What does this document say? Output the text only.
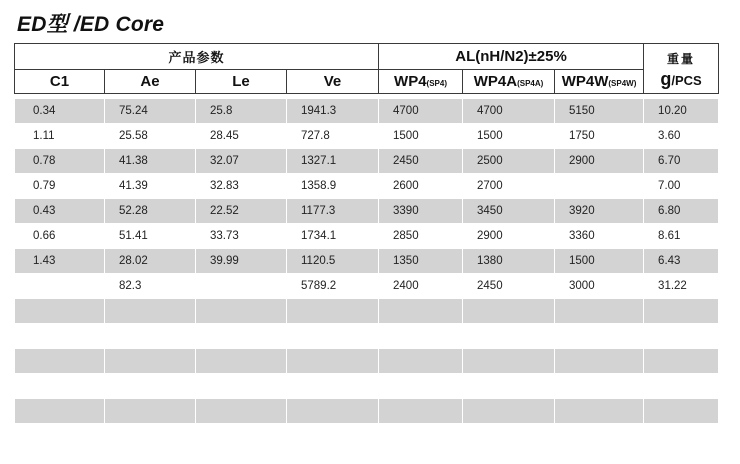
ED型 /ED Core
产品参数				AL(nH/N2)±25%			重量
C1	Ae	Le	Ve	WP4(SP4)	WP4A(SP4A)	WP4W(SP4W)	g/PCS

0.34	75.24	25.8	1941.3	4700	4700	5150	10.20
1.11	25.58	28.45	727.8	1500	1500	1750	3.60
0.78	41.38	32.07	1327.1	2450	2500	2900	6.70
0.79	41.39	32.83	1358.9	2600	2700		7.00
0.43	52.28	22.52	1177.3	3390	3450	3920	6.80
0.66	51.41	33.73	1734.1	2850	2900	3360	8.61
1.43	28.02	39.99	1120.5	1350	1380	1500	6.43
	82.3		5789.2	2400	2450	3000	31.22
